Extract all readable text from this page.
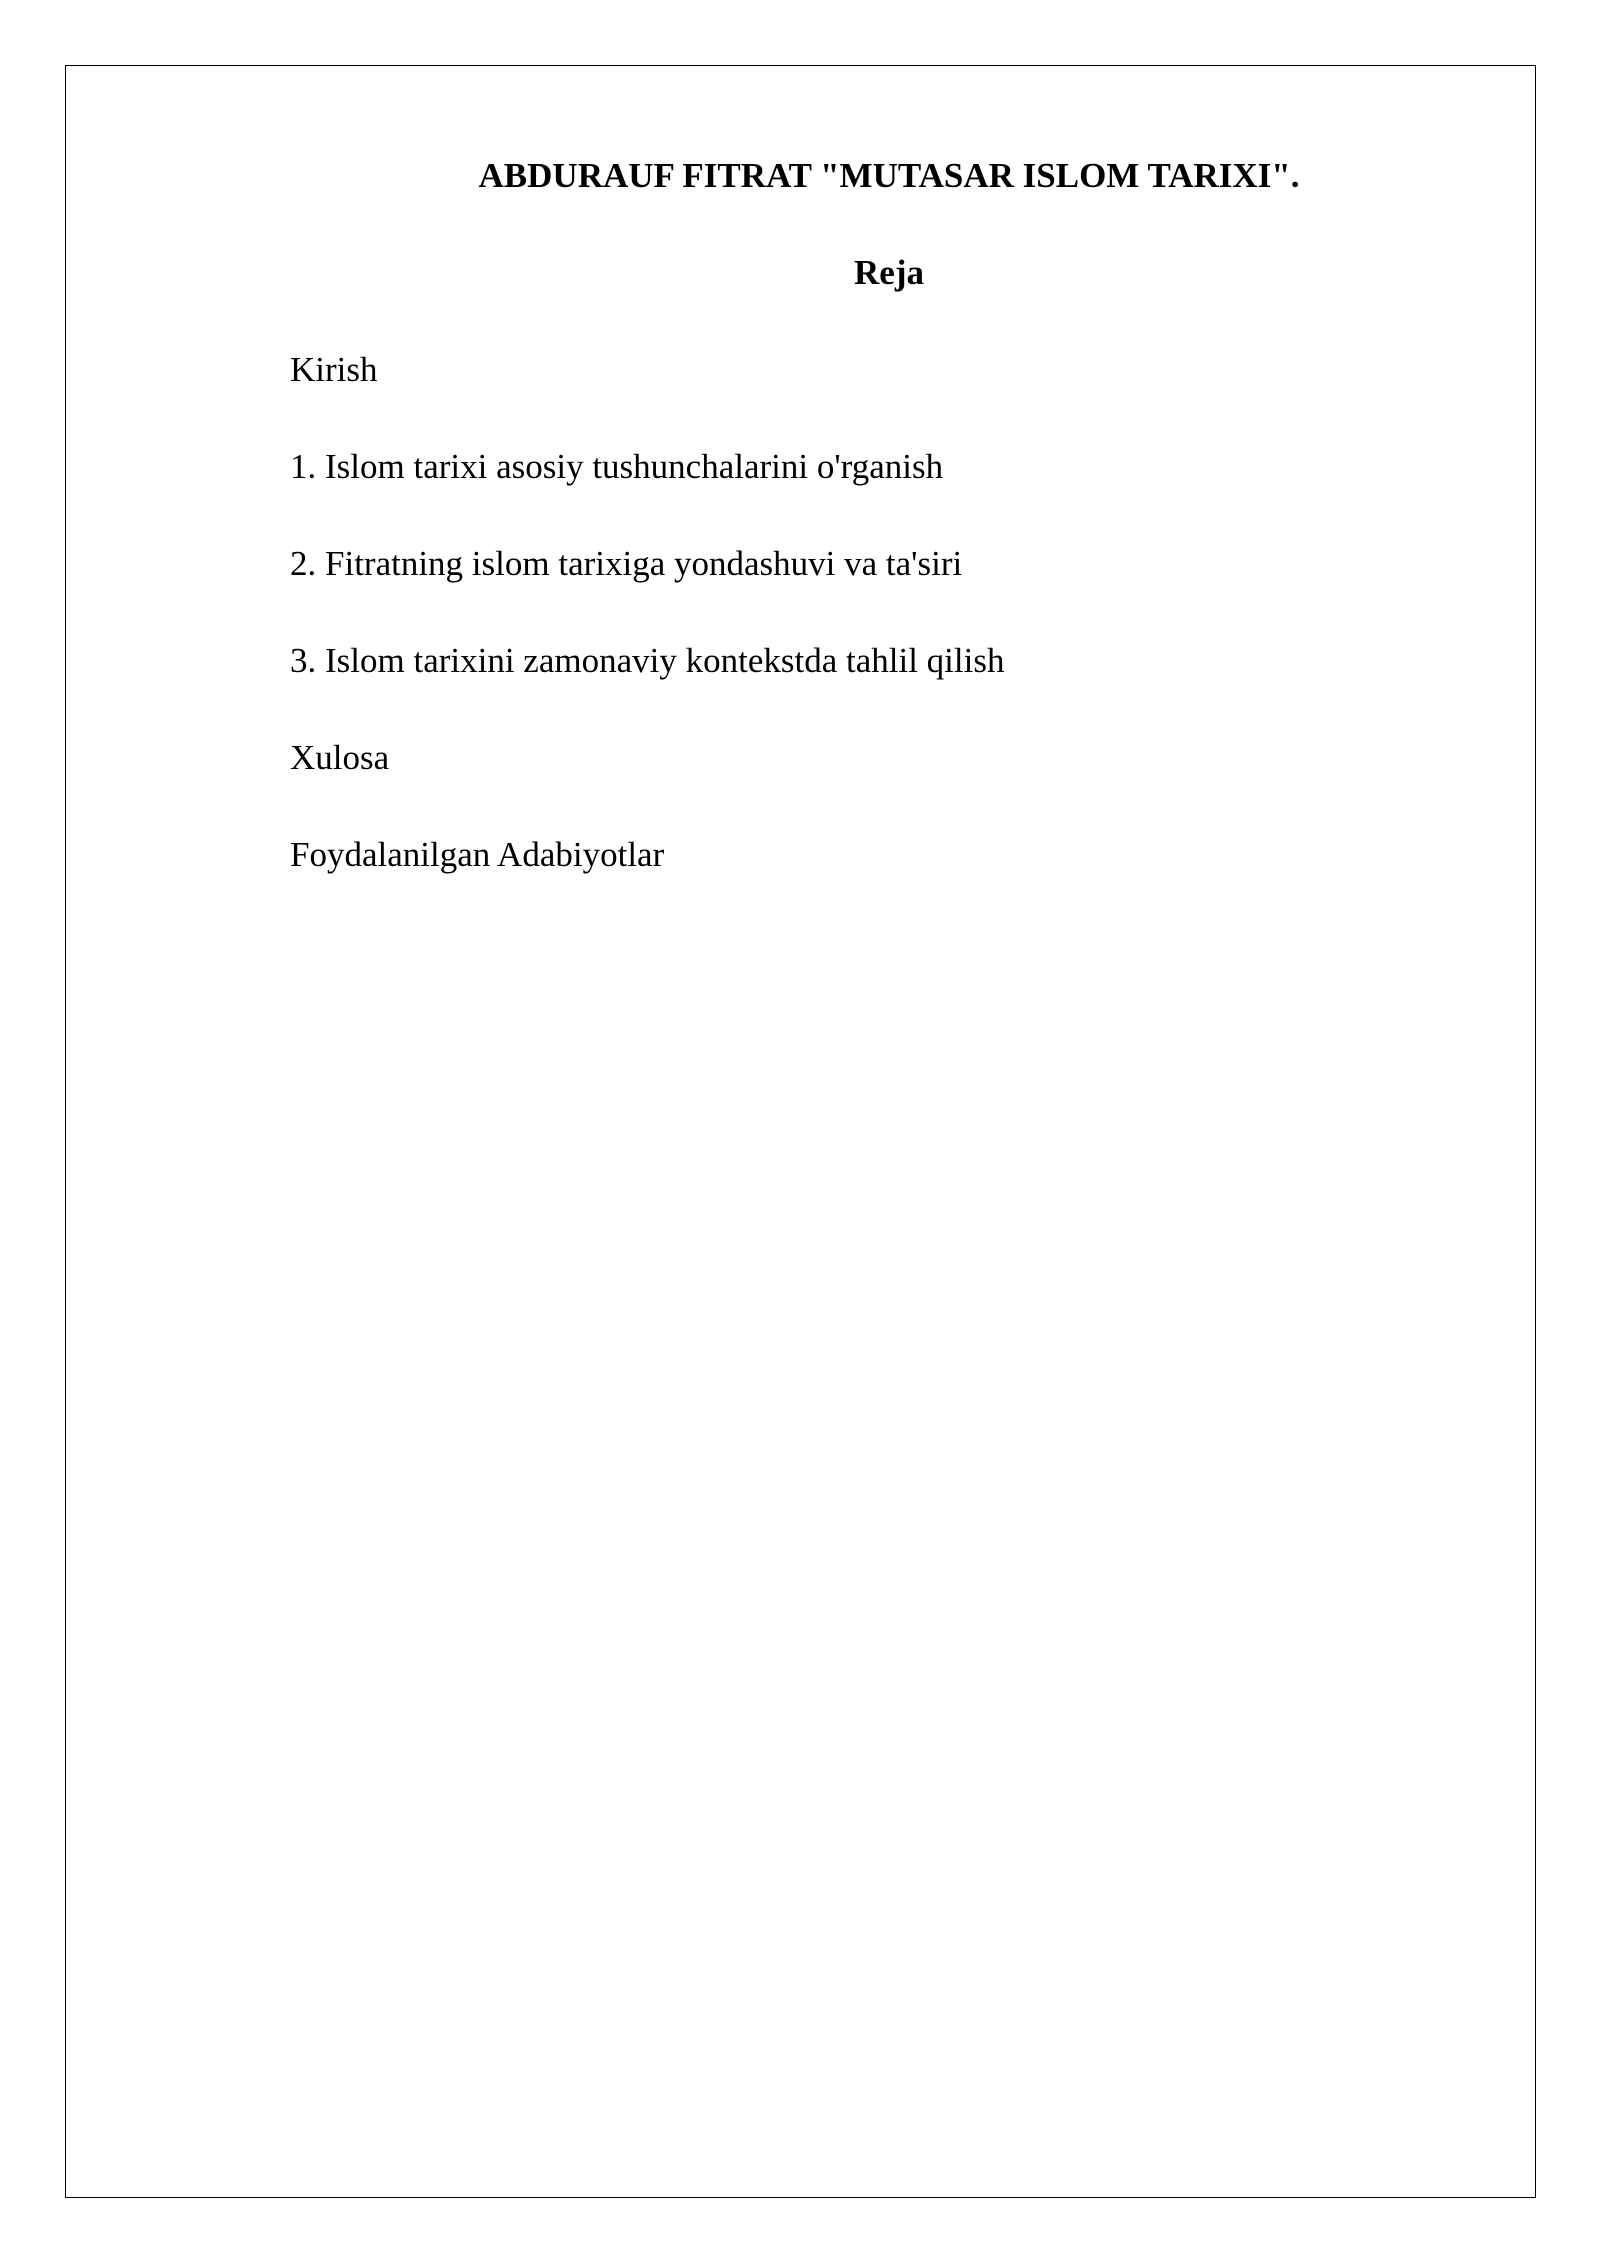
ABDURAUF FITRAT "MUTASAR ISLOM TARIXI".
Reja
Kirish
1. Islom tarixi asosiy tushunchalarini o'rganish
2. Fitratning islom tarixiga yondashuvi va ta'siri
3. Islom tarixini zamonaviy kontekstda tahlil qilish
Xulosa
Foydalanilgan Adabiyotlar
